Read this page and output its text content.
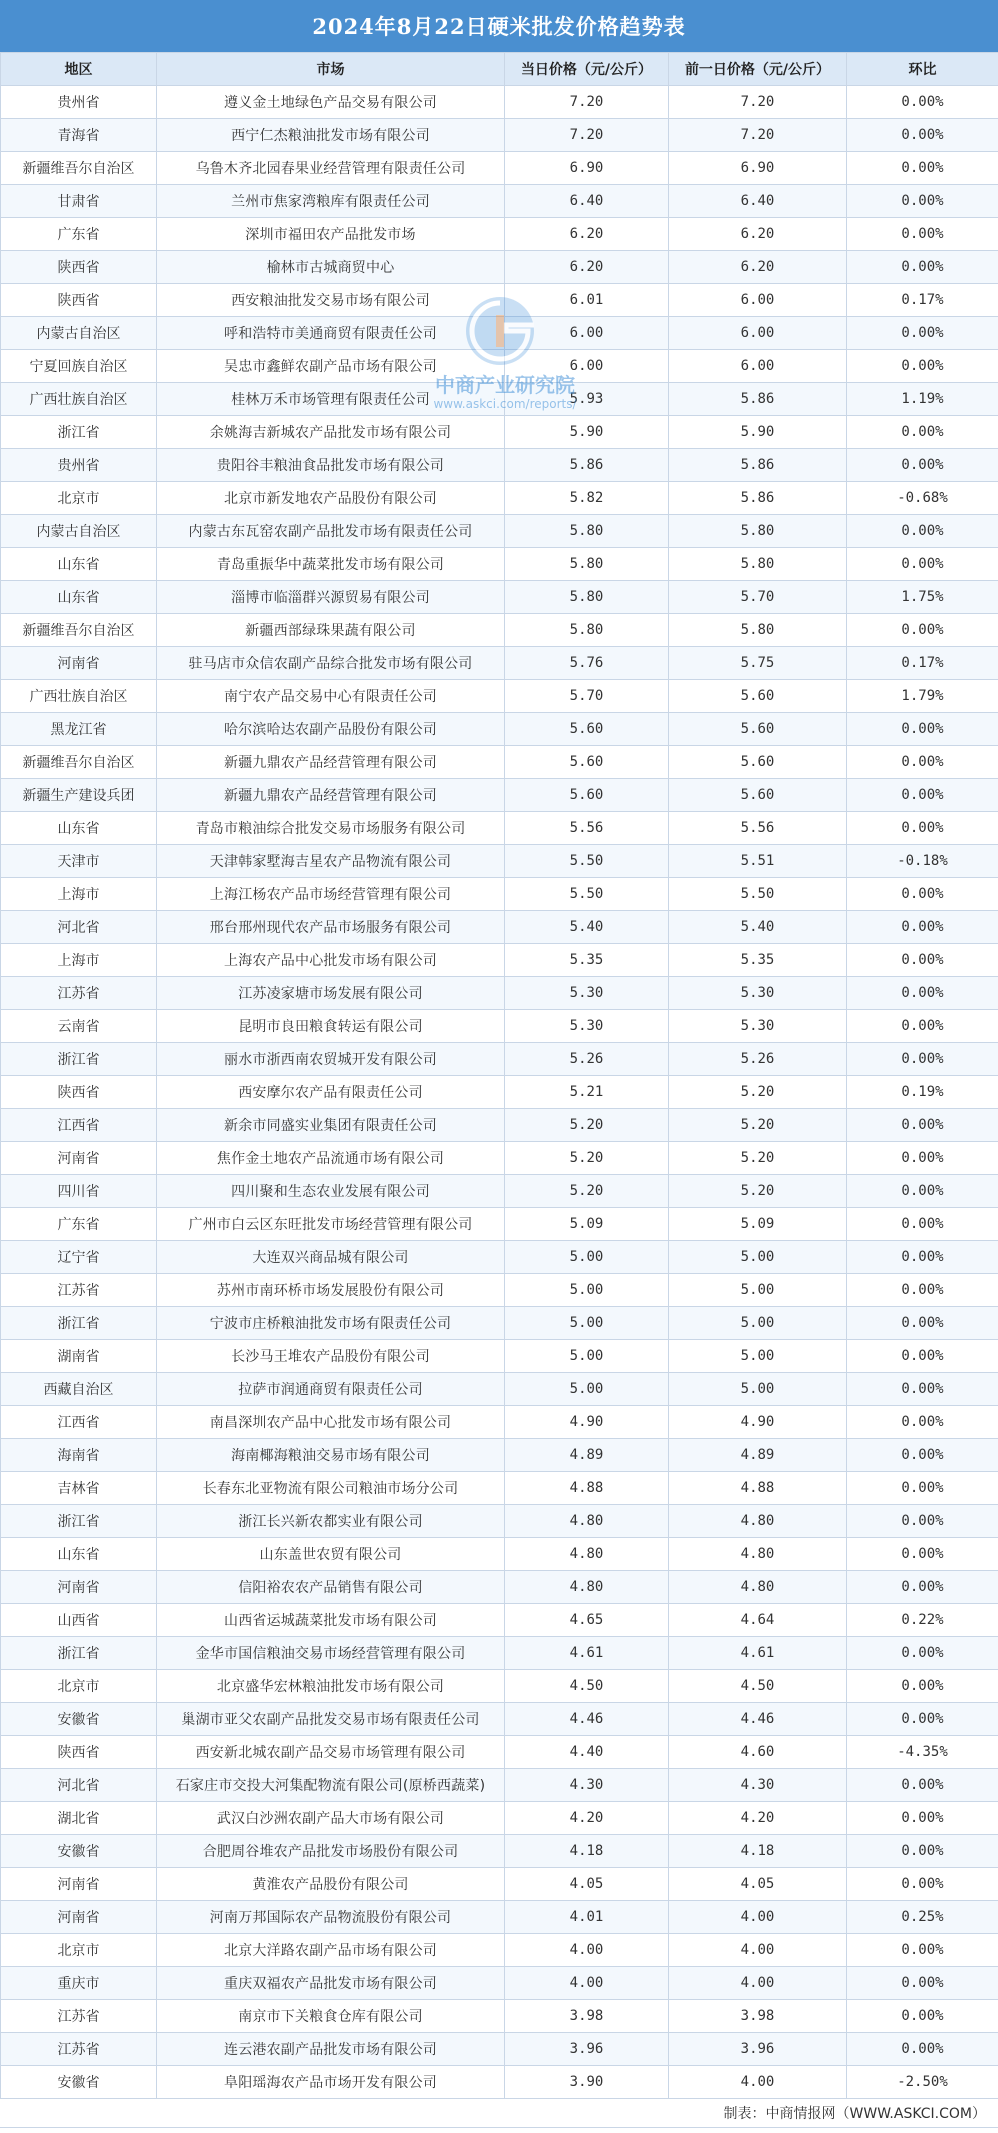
2024年8月22日硬米批发价格趋势表
地区	市场	当日价格（元/公斤）	前一日价格（元/公斤）	环比
贵州省	遵义金土地绿色产品交易有限公司	7.20	7.20	0.00%
青海省	西宁仁杰粮油批发市场有限公司	7.20	7.20	0.00%
新疆维吾尔自治区	乌鲁木齐北园春果业经营管理有限责任公司	6.90	6.90	0.00%
甘肃省	兰州市焦家湾粮库有限责任公司	6.40	6.40	0.00%
广东省	深圳市福田农产品批发市场	6.20	6.20	0.00%
陕西省	榆林市古城商贸中心	6.20	6.20	0.00%
陕西省	西安粮油批发交易市场有限公司	6.01	6.00	0.17%
内蒙古自治区	呼和浩特市美通商贸有限责任公司	6.00	6.00	0.00%
宁夏回族自治区	吴忠市鑫鲜农副产品市场有限公司	6.00	6.00	0.00%
广西壮族自治区	桂林万禾市场管理有限责任公司	5.93	5.86	1.19%
浙江省	余姚海吉新城农产品批发市场有限公司	5.90	5.90	0.00%
贵州省	贵阳谷丰粮油食品批发市场有限公司	5.86	5.86	0.00%
北京市	北京市新发地农产品股份有限公司	5.82	5.86	-0.68%
内蒙古自治区	内蒙古东瓦窑农副产品批发市场有限责任公司	5.80	5.80	0.00%
山东省	青岛重振华中蔬菜批发市场有限公司	5.80	5.80	0.00%
山东省	淄博市临淄群兴源贸易有限公司	5.80	5.70	1.75%
新疆维吾尔自治区	新疆西部绿珠果蔬有限公司	5.80	5.80	0.00%
河南省	驻马店市众信农副产品综合批发市场有限公司	5.76	5.75	0.17%
广西壮族自治区	南宁农产品交易中心有限责任公司	5.70	5.60	1.79%
黑龙江省	哈尔滨哈达农副产品股份有限公司	5.60	5.60	0.00%
新疆维吾尔自治区	新疆九鼎农产品经营管理有限公司	5.60	5.60	0.00%
新疆生产建设兵团	新疆九鼎农产品经营管理有限公司	5.60	5.60	0.00%
山东省	青岛市粮油综合批发交易市场服务有限公司	5.56	5.56	0.00%
天津市	天津韩家墅海吉星农产品物流有限公司	5.50	5.51	-0.18%
上海市	上海江杨农产品市场经营管理有限公司	5.50	5.50	0.00%
河北省	邢台邢州现代农产品市场服务有限公司	5.40	5.40	0.00%
上海市	上海农产品中心批发市场有限公司	5.35	5.35	0.00%
江苏省	江苏凌家塘市场发展有限公司	5.30	5.30	0.00%
云南省	昆明市良田粮食转运有限公司	5.30	5.30	0.00%
浙江省	丽水市浙西南农贸城开发有限公司	5.26	5.26	0.00%
陕西省	西安摩尔农产品有限责任公司	5.21	5.20	0.19%
江西省	新余市同盛实业集团有限责任公司	5.20	5.20	0.00%
河南省	焦作金土地农产品流通市场有限公司	5.20	5.20	0.00%
四川省	四川聚和生态农业发展有限公司	5.20	5.20	0.00%
广东省	广州市白云区东旺批发市场经营管理有限公司	5.09	5.09	0.00%
辽宁省	大连双兴商品城有限公司	5.00	5.00	0.00%
江苏省	苏州市南环桥市场发展股份有限公司	5.00	5.00	0.00%
浙江省	宁波市庄桥粮油批发市场有限责任公司	5.00	5.00	0.00%
湖南省	长沙马王堆农产品股份有限公司	5.00	5.00	0.00%
西藏自治区	拉萨市润通商贸有限责任公司	5.00	5.00	0.00%
江西省	南昌深圳农产品中心批发市场有限公司	4.90	4.90	0.00%
海南省	海南椰海粮油交易市场有限公司	4.89	4.89	0.00%
吉林省	长春东北亚物流有限公司粮油市场分公司	4.88	4.88	0.00%
浙江省	浙江长兴新农都实业有限公司	4.80	4.80	0.00%
山东省	山东盖世农贸有限公司	4.80	4.80	0.00%
河南省	信阳裕农农产品销售有限公司	4.80	4.80	0.00%
山西省	山西省运城蔬菜批发市场有限公司	4.65	4.64	0.22%
浙江省	金华市国信粮油交易市场经营管理有限公司	4.61	4.61	0.00%
北京市	北京盛华宏林粮油批发市场有限公司	4.50	4.50	0.00%
安徽省	巢湖市亚父农副产品批发交易市场有限责任公司	4.46	4.46	0.00%
陕西省	西安新北城农副产品交易市场管理有限公司	4.40	4.60	-4.35%
河北省	石家庄市交投大河集配物流有限公司(原桥西蔬菜)	4.30	4.30	0.00%
湖北省	武汉白沙洲农副产品大市场有限公司	4.20	4.20	0.00%
安徽省	合肥周谷堆农产品批发市场股份有限公司	4.18	4.18	0.00%
河南省	黄淮农产品股份有限公司	4.05	4.05	0.00%
河南省	河南万邦国际农产品物流股份有限公司	4.01	4.00	0.25%
北京市	北京大洋路农副产品市场有限公司	4.00	4.00	0.00%
重庆市	重庆双福农产品批发市场有限公司	4.00	4.00	0.00%
江苏省	南京市下关粮食仓库有限公司	3.98	3.98	0.00%
江苏省	连云港农副产品批发市场有限公司	3.96	3.96	0.00%
安徽省	阜阳瑶海农产品市场开发有限公司	3.90	4.00	-2.50%
制表：中商情报网（WWW.ASKCI.COM）
中商产业研究院
www.askci.com/reports/
